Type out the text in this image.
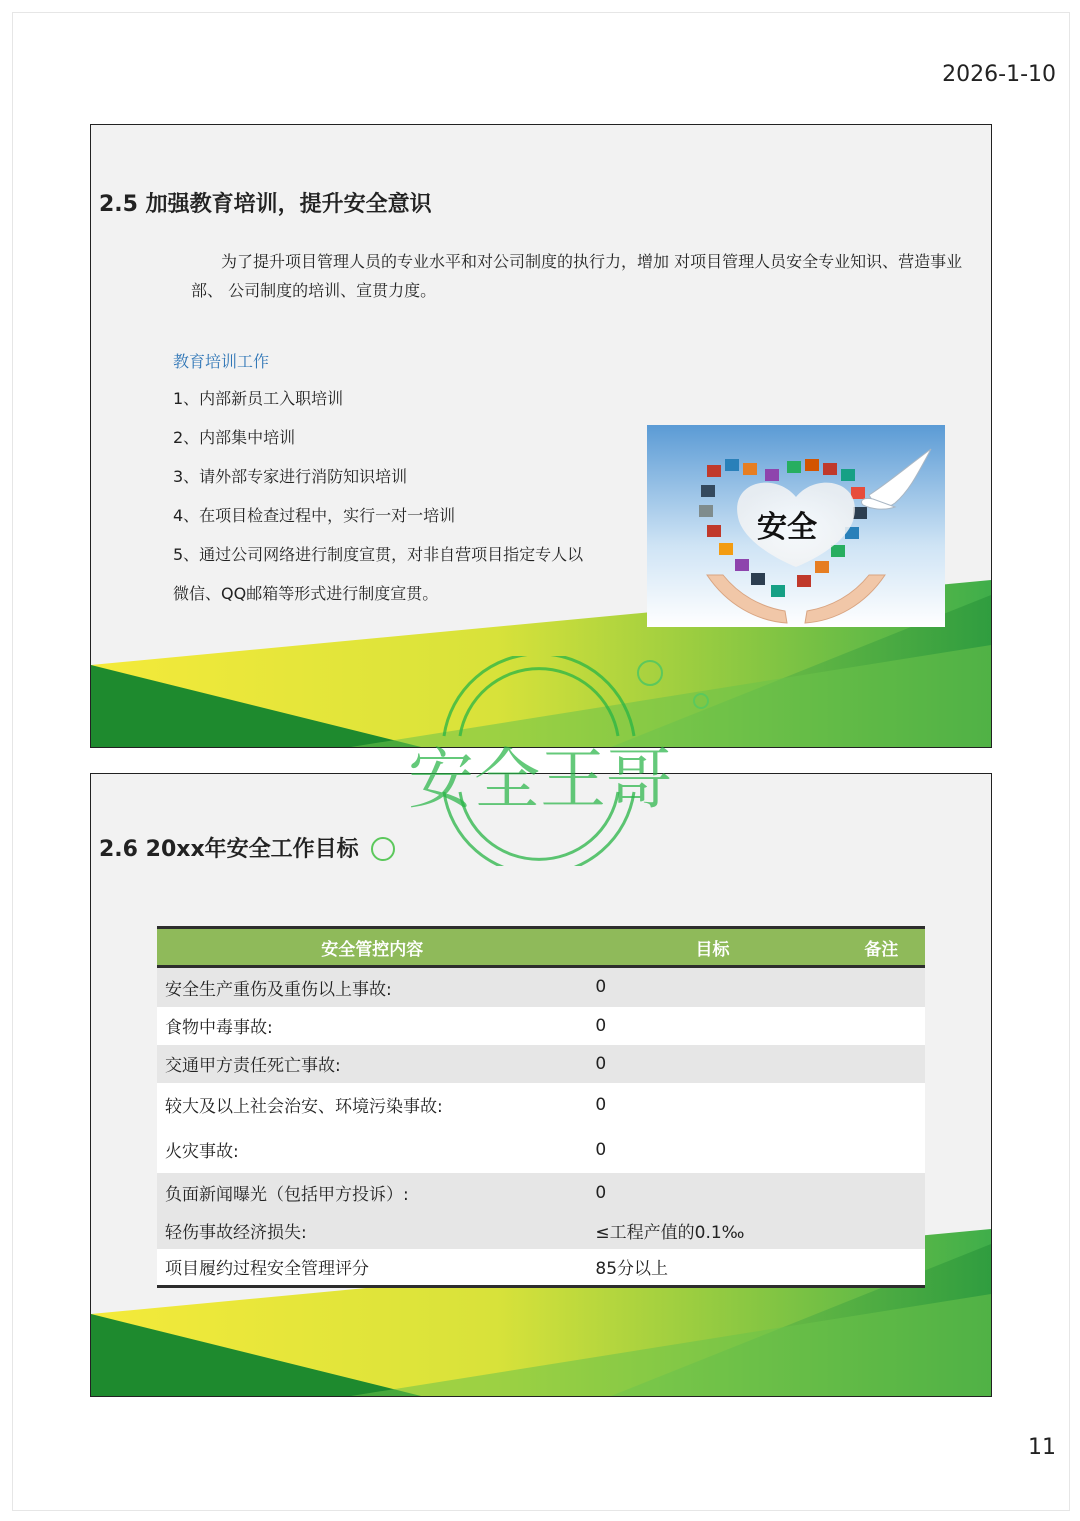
2026-1-10
2.5 加强教育培训，提升安全意识
为了提升项目管理人员的专业水平和对公司制度的执行力，增加 对项目管理人员安全专业知识、营造事业部、 公司制度的培训、宣贯力度。
教育培训工作
1、内部新员工入职培训
2、内部集中培训
3、请外部专家进行消防知识培训
4、在项目检查过程中，实行一对一培训
5、通过公司网络进行制度宣贯，对非自营项目指定专人以
微信、QQ邮箱等形式进行制度宣贯。
安全
2.6 20xx年安全工作目标
安全管控内容	目标	备注
安全生产重伤及重伤以上事故:	0	
食物中毒事故:	0	
交通甲方责任死亡事故:	0	
较大及以上社会治安、环境污染事故:	0	
火灾事故:	0	
负面新闻曝光（包括甲方投诉）:	0	
轻伤事故经济损失:	≤工程产值的0.1‰	
项目履约过程安全管理评分	85分以上	
安全王哥
11
